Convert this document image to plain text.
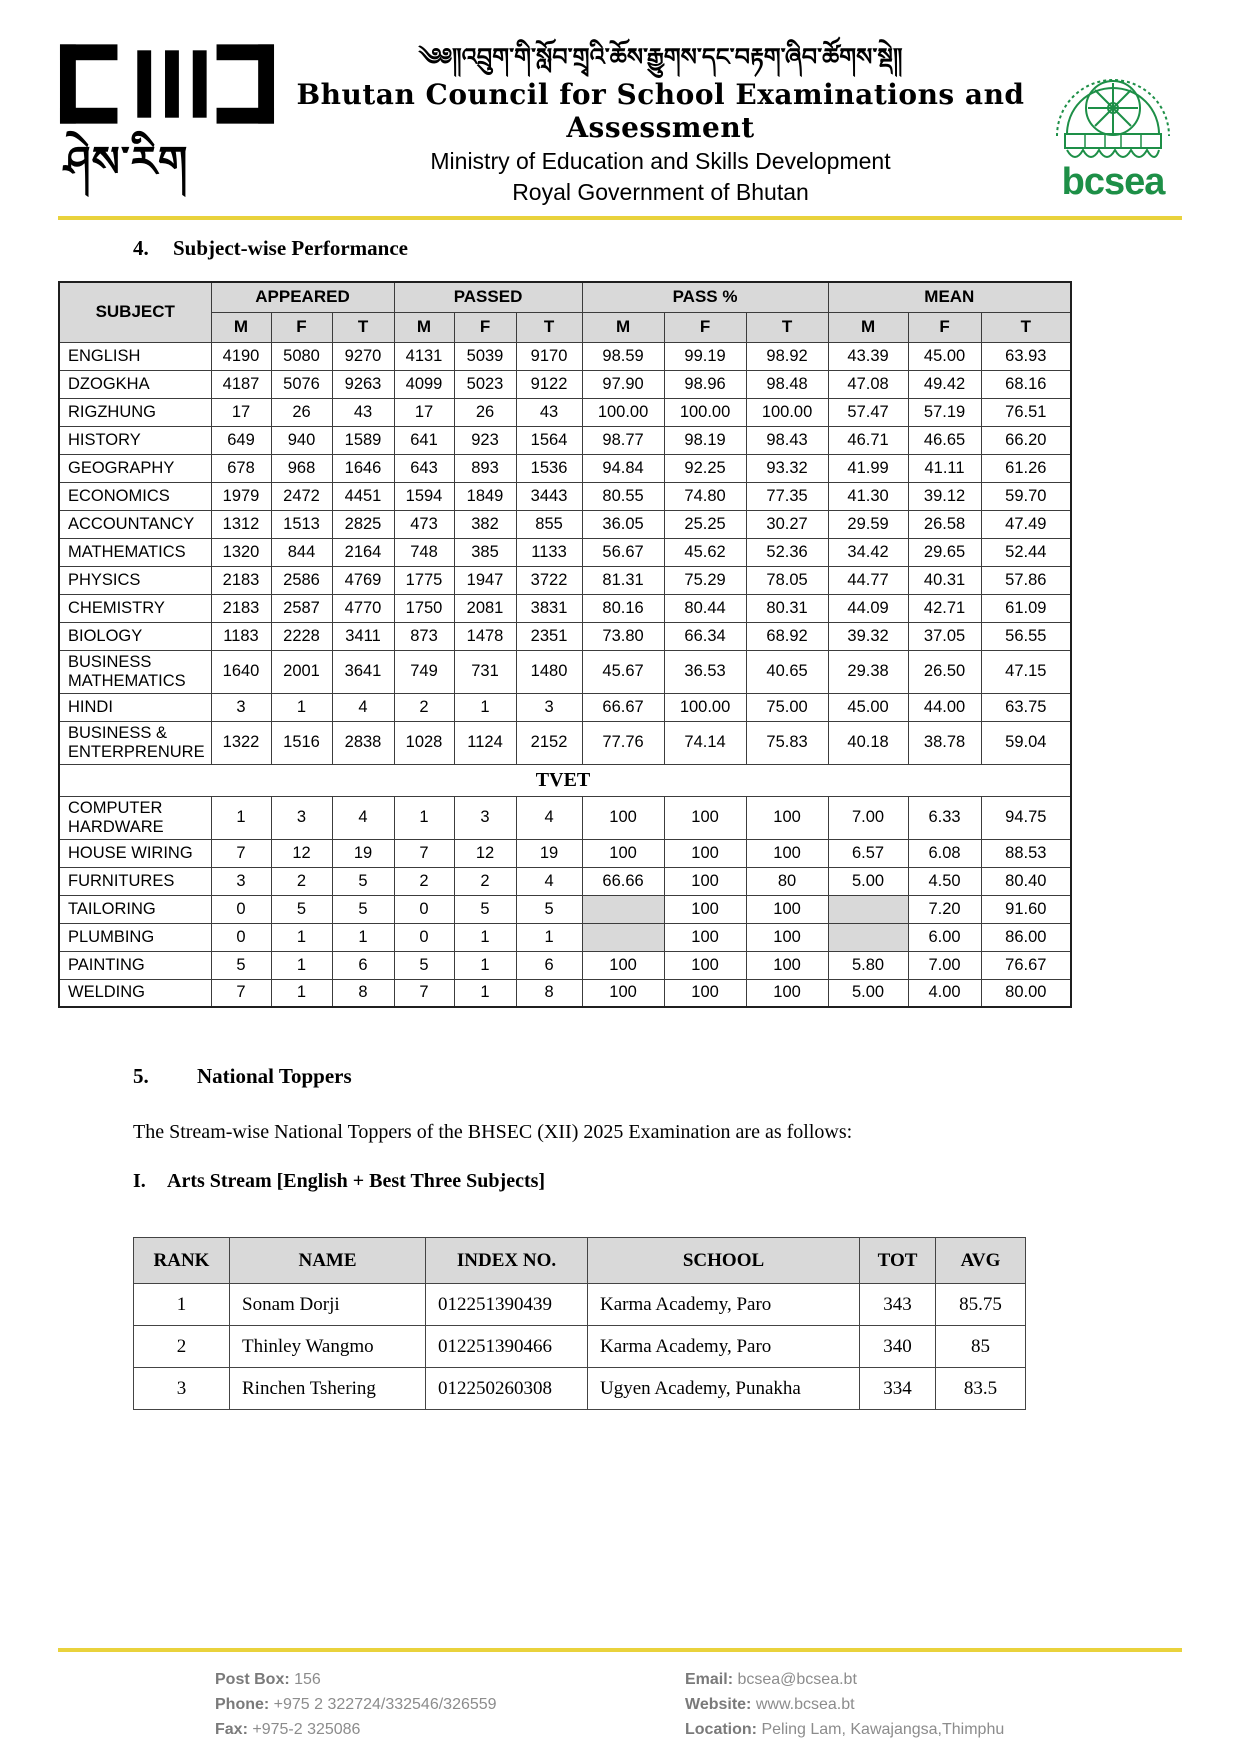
ཤེས་རིག
༄༅༎འབྲུག་གི་སློབ་གྲྭའི་ཆོས་རྒྱུགས་དང་བརྟག་ཞིབ་ཚོགས་སྡེ༎
Bhutan Council for School Examinations and Assessment
Ministry of Education and Skills Development
Royal Government of Bhutan	bcsea
4. Subject-wise Performance
SUBJECT	APPEARED			PASSED			PASS %			MEAN		
	M	F	T	M	F	T	M	F	T	M	F	T
ENGLISH	4190	5080	9270	4131	5039	9170	98.59	99.19	98.92	43.39	45.00	63.93
DZOGKHA	4187	5076	9263	4099	5023	9122	97.90	98.96	98.48	47.08	49.42	68.16
RIGZHUNG	17	26	43	17	26	43	100.00	100.00	100.00	57.47	57.19	76.51
HISTORY	649	940	1589	641	923	1564	98.77	98.19	98.43	46.71	46.65	66.20
GEOGRAPHY	678	968	1646	643	893	1536	94.84	92.25	93.32	41.99	41.11	61.26
ECONOMICS	1979	2472	4451	1594	1849	3443	80.55	74.80	77.35	41.30	39.12	59.70
ACCOUNTANCY	1312	1513	2825	473	382	855	36.05	25.25	30.27	29.59	26.58	47.49
MATHEMATICS	1320	844	2164	748	385	1133	56.67	45.62	52.36	34.42	29.65	52.44
PHYSICS	2183	2586	4769	1775	1947	3722	81.31	75.29	78.05	44.77	40.31	57.86
CHEMISTRY	2183	2587	4770	1750	2081	3831	80.16	80.44	80.31	44.09	42.71	61.09
BIOLOGY	1183	2228	3411	873	1478	2351	73.80	66.34	68.92	39.32	37.05	56.55
BUSINESS MATHEMATICS	1640	2001	3641	749	731	1480	45.67	36.53	40.65	29.38	26.50	47.15
HINDI	3	1	4	2	1	3	66.67	100.00	75.00	45.00	44.00	63.75
BUSINESS & ENTERPRENURE	1322	1516	2838	1028	1124	2152	77.76	74.14	75.83	40.18	38.78	59.04
TVET												
COMPUTER HARDWARE	1	3	4	1	3	4	100	100	100	7.00	6.33	94.75
HOUSE WIRING	7	12	19	7	12	19	100	100	100	6.57	6.08	88.53
FURNITURES	3	2	5	2	2	4	66.66	100	80	5.00	4.50	80.40
TAILORING	0	5	5	0	5	5		100	100		7.20	91.60
PLUMBING	0	1	1	0	1	1		100	100		6.00	86.00
PAINTING	5	1	6	5	1	6	100	100	100	5.80	7.00	76.67
WELDING	7	1	8	7	1	8	100	100	100	5.00	4.00	80.00
5. National Toppers
The Stream-wise National Toppers of the BHSEC (XII) 2025 Examination are as follows:
I. Arts Stream [English + Best Three Subjects]
RANK	NAME	INDEX NO.	SCHOOL	TOT	AVG
1	Sonam Dorji	012251390439	Karma Academy, Paro	343	85.75
2	Thinley Wangmo	012251390466	Karma Academy, Paro	340	85
3	Rinchen Tshering	012250260308	Ugyen Academy, Punakha	334	83.5
Post Box: 156
Phone: +975 2 322724/332546/326559
Fax: +975-2 325086
Email: bcsea@bcsea.bt
Website: www.bcsea.bt
Location: Peling Lam, Kawajangsa,Thimphu
